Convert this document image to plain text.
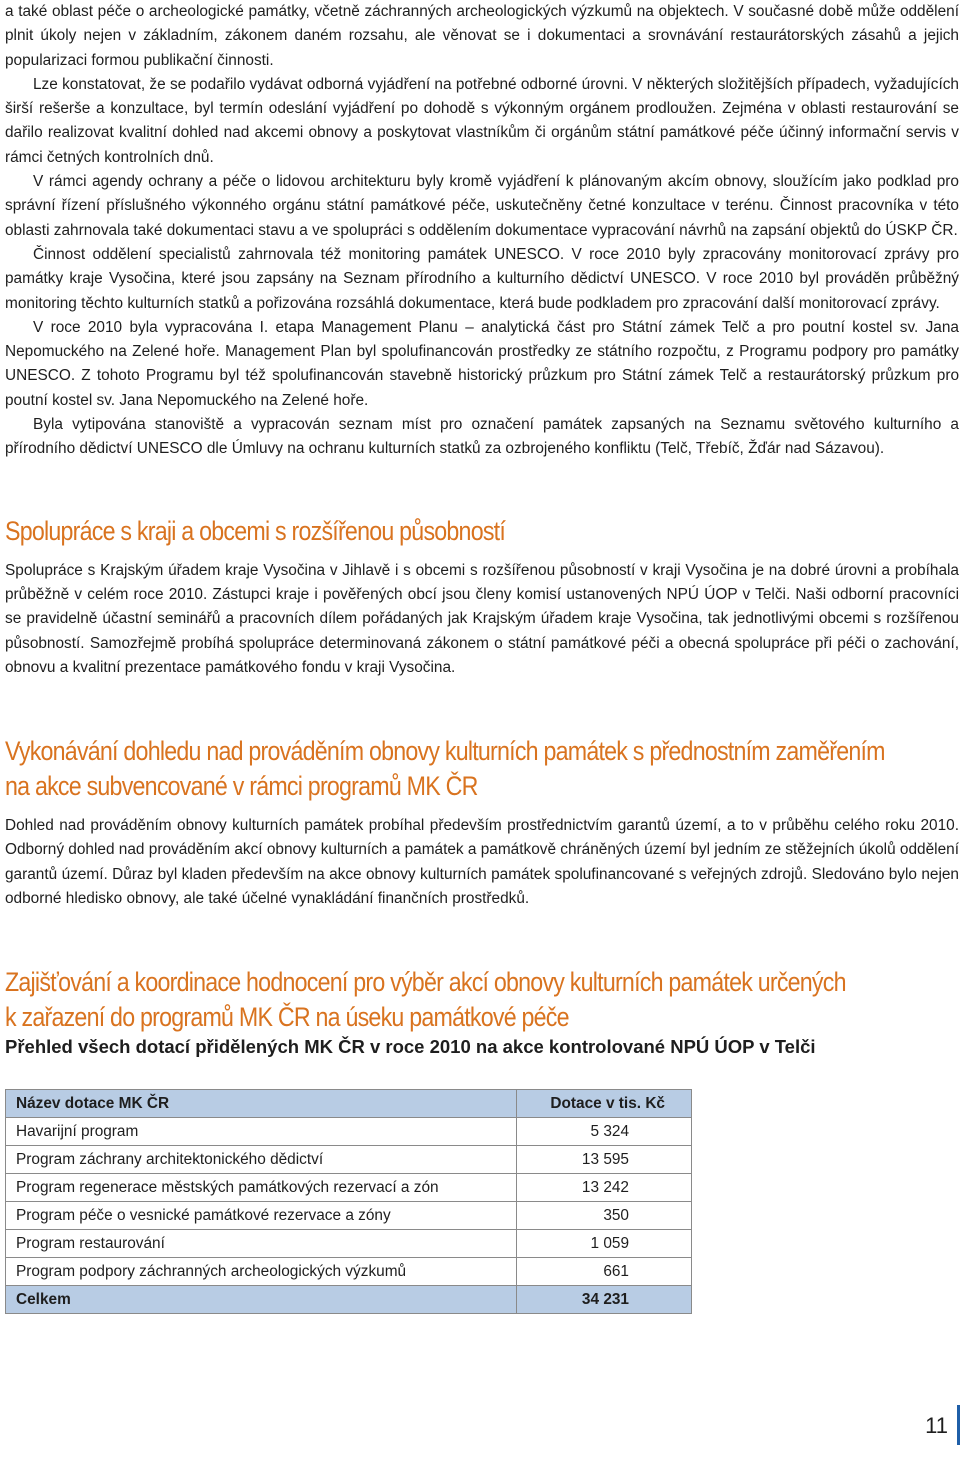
a také oblast péče o archeologické památky, včetně záchranných archeologických výzkumů na objektech. V současné době může oddělení plnit úkoly nejen v základním, zákonem daném rozsahu, ale věnovat se i dokumentaci a srovnávání restaurátorských zásahů a jejich popularizaci formou publikační činnosti.
Lze konstatovat, že se podařilo vydávat odborná vyjádření na potřebné odborné úrovni. V některých složitějších případech, vyžadujících širší rešerše a konzultace, byl termín odeslání vyjádření po dohodě s výkonným orgánem prodloužen. Zejména v oblasti restaurování se dařilo realizovat kvalitní dohled nad akcemi obnovy a poskytovat vlastníkům či orgánům státní památkové péče účinný informační servis v rámci četných kontrolních dnů.
V rámci agendy ochrany a péče o lidovou architekturu byly kromě vyjádření k plánovaným akcím obnovy, sloužícím jako podklad pro správní řízení příslušného výkonného orgánu státní památkové péče, uskutečněny četné konzultace v terénu. Činnost pracovníka v této oblasti zahrnovala také dokumentaci stavu a ve spolupráci s oddělením dokumentace vypracování návrhů na zapsání objektů do ÚSKP ČR.
Činnost oddělení specialistů zahrnovala též monitoring památek UNESCO. V roce 2010 byly zpracovány monitorovací zprávy pro památky kraje Vysočina, které jsou zapsány na Seznam přírodního a kulturního dědictví UNESCO. V roce 2010 byl prováděn průběžný monitoring těchto kulturních statků a pořizována rozsáhlá dokumentace, která bude podkladem pro zpracování další monitorovací zprávy.
V roce 2010 byla vypracována I. etapa Management Planu – analytická část pro Státní zámek Telč a pro poutní kostel sv. Jana Nepomuckého na Zelené hoře. Management Plan byl spolufinancován prostředky ze státního rozpočtu, z Programu podpory pro památky UNESCO. Z tohoto Programu byl též spolufinancován stavebně historický průzkum pro Státní zámek Telč a restaurátorský průzkum pro poutní kostel sv. Jana Nepomuckého na Zelené hoře.
Byla vytipována stanoviště a vypracován seznam míst pro označení památek zapsaných na Seznamu světového kulturního a přírodního dědictví UNESCO dle Úmluvy na ochranu kulturních statků za ozbrojeného konfliktu (Telč, Třebíč, Žďár nad Sázavou).
Spolupráce s kraji a obcemi s rozšířenou působností
Spolupráce s Krajským úřadem kraje Vysočina v Jihlavě i s obcemi s rozšířenou působností v kraji Vysočina je na dobré úrovni a probíhala průběžně v celém roce 2010. Zástupci kraje i pověřených obcí jsou členy komisí ustanovených NPÚ ÚOP v Telči. Naši odborní pracovníci se pravidelně účastní seminářů a pracovních dílem pořádaných jak Krajským úřadem kraje Vysočina, tak jednotlivými obcemi s rozšířenou působností. Samozřejmě probíhá spolupráce determinovaná zákonem o státní památkové péči a obecná spolupráce při péči o zachování, obnovu a kvalitní prezentace památkového fondu v kraji Vysočina.
Vykonávání dohledu nad prováděním obnovy kulturních památek s přednostním zaměřením
na akce subvencované v rámci programů MK ČR
Dohled nad prováděním obnovy kulturních památek probíhal především prostřednictvím garantů území, a to v průběhu celého roku 2010. Odborný dohled nad prováděním akcí obnovy kulturních a památek a památkově chráněných území byl jedním ze stěžejních úkolů oddělení garantů území. Důraz byl kladen především na akce obnovy kulturních památek spolufinancované s veřejných zdrojů. Sledováno bylo nejen odborné hledisko obnovy, ale také účelné vynakládání finančních prostředků.
Zajišťování a koordinace hodnocení pro výběr akcí obnovy kulturních památek určených
k zařazení do programů MK ČR na úseku památkové péče

Přehled všech dotací přidělených MK ČR v roce 2010 na akce kontrolované NPÚ ÚOP v Telči

Název dotace MK ČR	Dotace v tis. Kč
Havarijní program	5 324
Program záchrany architektonického dědictví	13 595
Program regenerace městských památkových rezervací a zón	13 242
Program péče o vesnické památkové rezervace a zóny	350
Program restaurování	1 059
Program podpory záchranných archeologických výzkumů	661
Celkem	34 231
11
